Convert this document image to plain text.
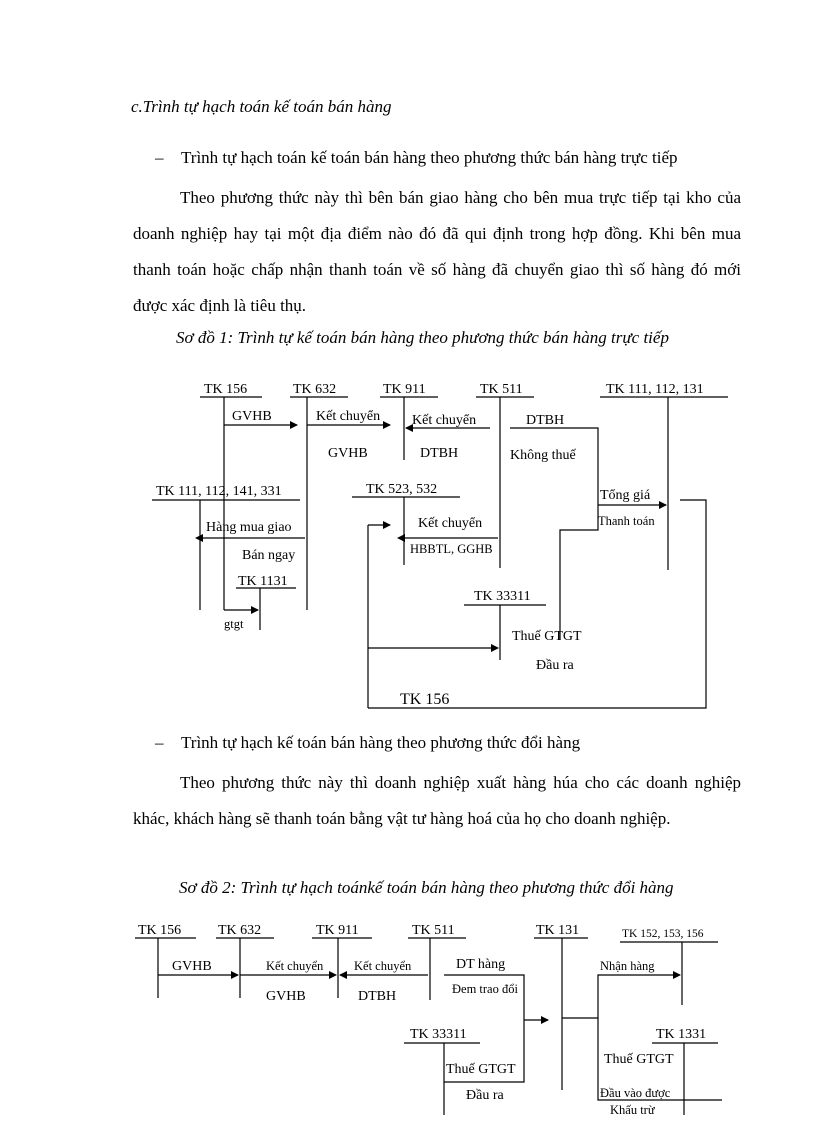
c.Trình tự hạch toán kế toán bán hàng
– Trình tự hạch toán kế toán bán hàng theo phương thức bán hàng trực tiếp
Theo phương thức này thì bên bán giao hàng cho bên mua trực tiếp tại kho của doanh nghiệp hay tại một địa điểm nào đó đã qui định trong hợp đồng. Khi bên mua thanh toán hoặc chấp nhận thanh toán về số hàng đã chuyển giao thì số hàng đó mới được xác định là tiêu thụ.
Sơ đồ 1: Trình tự kế toán bán hàng theo phương thức bán hàng trực tiếp
TK 156	TK 632	TK 911	TK 511	TK 111, 112, 131
GVHB	Kết chuyển Kết chuyển	DTBH
GVHB	DTBH	Không thuế
TK 111, 112, 141, 331	TK 523, 532	Tổng giá
Hàng mua giao	Kết chuyển
Bán ngay
TK 1131
TK 33311
Thuế GTGT
Đầu ra
Thanh toán
HBBTL, GGHB
gtgt
TK 156
– Trình tự hạch kế toán bán hàng theo phương thức đổi hàng
Theo phương thức này thì doanh nghiệp xuất hàng húa cho các doanh nghiệp khác, khách hàng sẽ thanh toán bằng vật tư hàng hoá của họ cho doanh nghiệp.
Sơ đồ 2: Trình tự hạch toánkế toán bán hàng theo phương thức đổi hàng
TK 156	TK 632	TK 911	TK 511	TK 131
GVHB	DT hàng
GVHB	DTBH
TK 33311	TK 1331
Thuế GTGT
Thuế GTGT
Đầu ra
TK 152, 153, 156
Kết chuyển Kết chuyển	Nhận hàng
Đem trao đổi
Đầu vào được
Khấu trừ
